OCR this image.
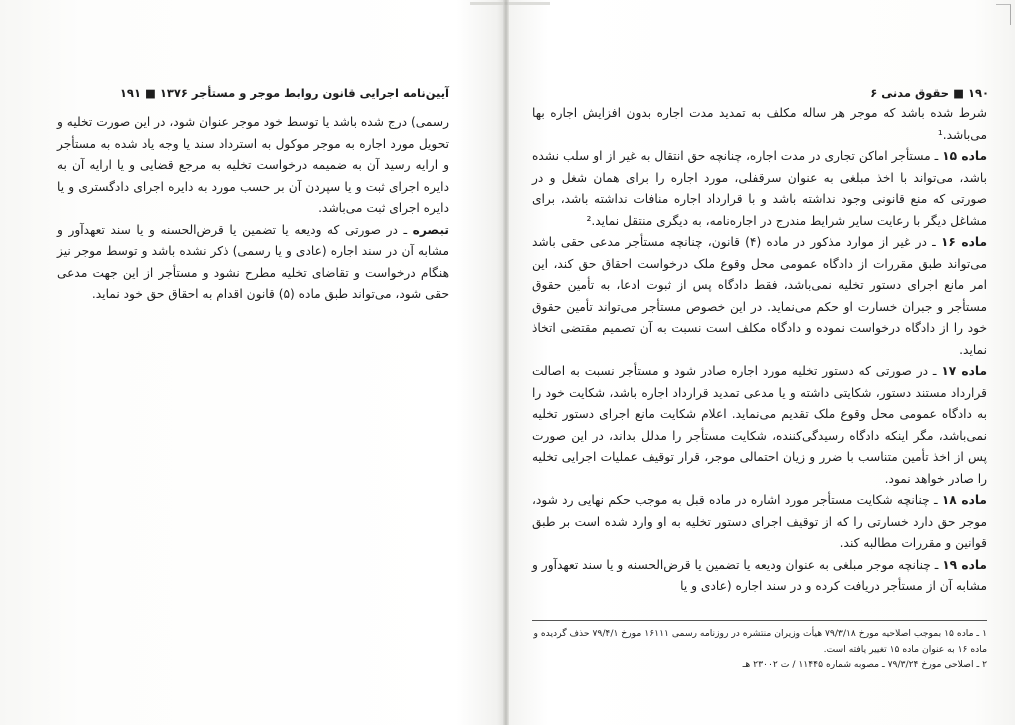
آیین‌نامه اجرایی قانون روابط موجر و مستأجر ۱۳۷۶ ■ ۱۹۱

رسمی) درج شده باشد یا توسط خود موجر عنوان شود، در این صورت تخلیه و تحویل مورد اجاره به موجر موکول به استرداد سند یا وجه یاد شده به مستأجر و ارایه رسید آن به ضمیمه درخواست تخلیه به مرجع قضایی و یا ارایه آن به دایره اجرای ثبت و یا سپردن آن بر حسب مورد به دایره اجرای دادگستری و یا دایره اجرای ثبت می‌باشد.

تبصره ـ در صورتی که ودیعه یا تضمین یا قرض‌الحسنه و یا سند تعهدآور و مشابه آن در سند اجاره (عادی و یا رسمی) ذکر نشده باشد و توسط موجر نیز هنگام درخواست و تقاضای تخلیه مطرح نشود و مستأجر از این جهت مدعی حقی شود، می‌تواند طبق ماده (۵) قانون اقدام به احقاق حق خود نماید.

۱۹۰ ■ حقوق مدنی ۶

شرط شده باشد که موجر هر ساله مکلف به تمدید مدت اجاره بدون افزایش اجاره بها می‌باشد.¹

ماده ۱۵ ـ مستأجر اماکن تجاری در مدت اجاره، چنانچه حق انتقال به غیر از او سلب نشده باشد، می‌تواند با اخذ مبلغی به عنوان سرقفلی، مورد اجاره را برای همان شغل و در صورتی که منع قانونی وجود نداشته باشد و با قرارداد اجاره منافات نداشته باشد، برای مشاغل دیگر با رعایت سایر شرایط مندرج در اجاره‌نامه، به دیگری منتقل نماید.²

ماده ۱۶ ـ در غیر از موارد مذکور در ماده (۴) قانون، چنانچه مستأجر مدعی حقی باشد می‌تواند طبق مقررات از دادگاه عمومی محل وقوع ملک درخواست احقاق حق کند، این امر مانع اجرای دستور تخلیه نمی‌باشد، فقط دادگاه پس از ثبوت ادعا، به تأمین حقوق مستأجر و جبران خسارت او حکم می‌نماید. در این خصوص مستأجر می‌تواند تأمین حقوق خود را از دادگاه درخواست نموده و دادگاه مکلف است نسبت به آن تصمیم مقتضی اتخاذ نماید.

ماده ۱۷ ـ در صورتی که دستور تخلیه مورد اجاره صادر شود و مستأجر نسبت به اصالت قرارداد مستند دستور، شکایتی داشته و یا مدعی تمدید قرارداد اجاره باشد، شکایت خود را به دادگاه عمومی محل وقوع ملک تقدیم می‌نماید. اعلام شکایت مانع اجرای دستور تخلیه نمی‌باشد، مگر اینکه دادگاه رسیدگی‌کننده، شکایت مستأجر را مدلل بداند، در این صورت پس از اخذ تأمین متناسب با ضرر و زیان احتمالی موجر، قرار توقیف عملیات اجرایی تخلیه را صادر خواهد نمود.

ماده ۱۸ ـ چنانچه شکایت مستأجر مورد اشاره در ماده قبل به موجب حکم نهایی رد شود، موجر حق دارد خسارتی را که از توقیف اجرای دستور تخلیه به او وارد شده است بر طبق قوانین و مقررات مطالبه کند.

ماده ۱۹ ـ چنانچه موجر مبلغی به عنوان ودیعه یا تضمین یا قرض‌الحسنه و یا سند تعهدآور و مشابه آن از مستأجر دریافت کرده و در سند اجاره (عادی و یا

۱ ـ ماده ۱۵ بموجب اصلاحیه مورخ ۷۹/۳/۱۸ هیأت وزیران منتشره در روزنامه رسمی ۱۶۱۱۱ مورخ ۷۹/۴/۱ حذف گردیده و ماده ۱۶ به عنوان ماده ۱۵ تغییر یافته است.

۲ ـ اصلاحی مورخ ۷۹/۳/۲۴ ـ مصوبه شماره ۱۱۴۴۵ / ت ۲۳۰۰۲ هـ
